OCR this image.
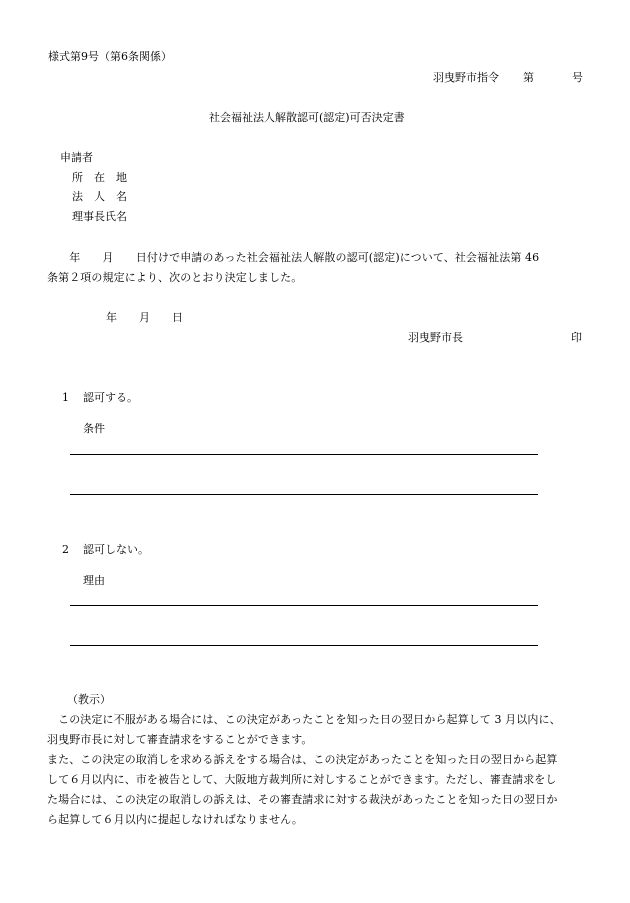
様式第9号（第6条関係）
羽曳野市指令 第	号
社会福祉法人解散認可(認定)可否決定書
申請者
所　在　地
法　人　名
理事長氏名
　　年　　月　　日付けで申請のあった社会福祉法人解散の認可(認定)について、社会福祉法第 46
条第２項の規定により、次のとおり決定しました。
年　　月　　日
羽曳野市長	印
1 認可する。
条件
2 認可しない。
理由
（教示）
　この決定に不服がある場合には、この決定があったことを知った日の翌日から起算して 3 月以内に、
羽曳野市長に対して審査請求をすることができます。
また、この決定の取消しを求める訴えをする場合は、この決定があったことを知った日の翌日から起算
して６月以内に、市を被告として、大阪地方裁判所に対しすることができます。ただし、審査請求をし
た場合には、この決定の取消しの訴えは、その審査請求に対する裁決があったことを知った日の翌日か
ら起算して６月以内に提起しなければなりません。
